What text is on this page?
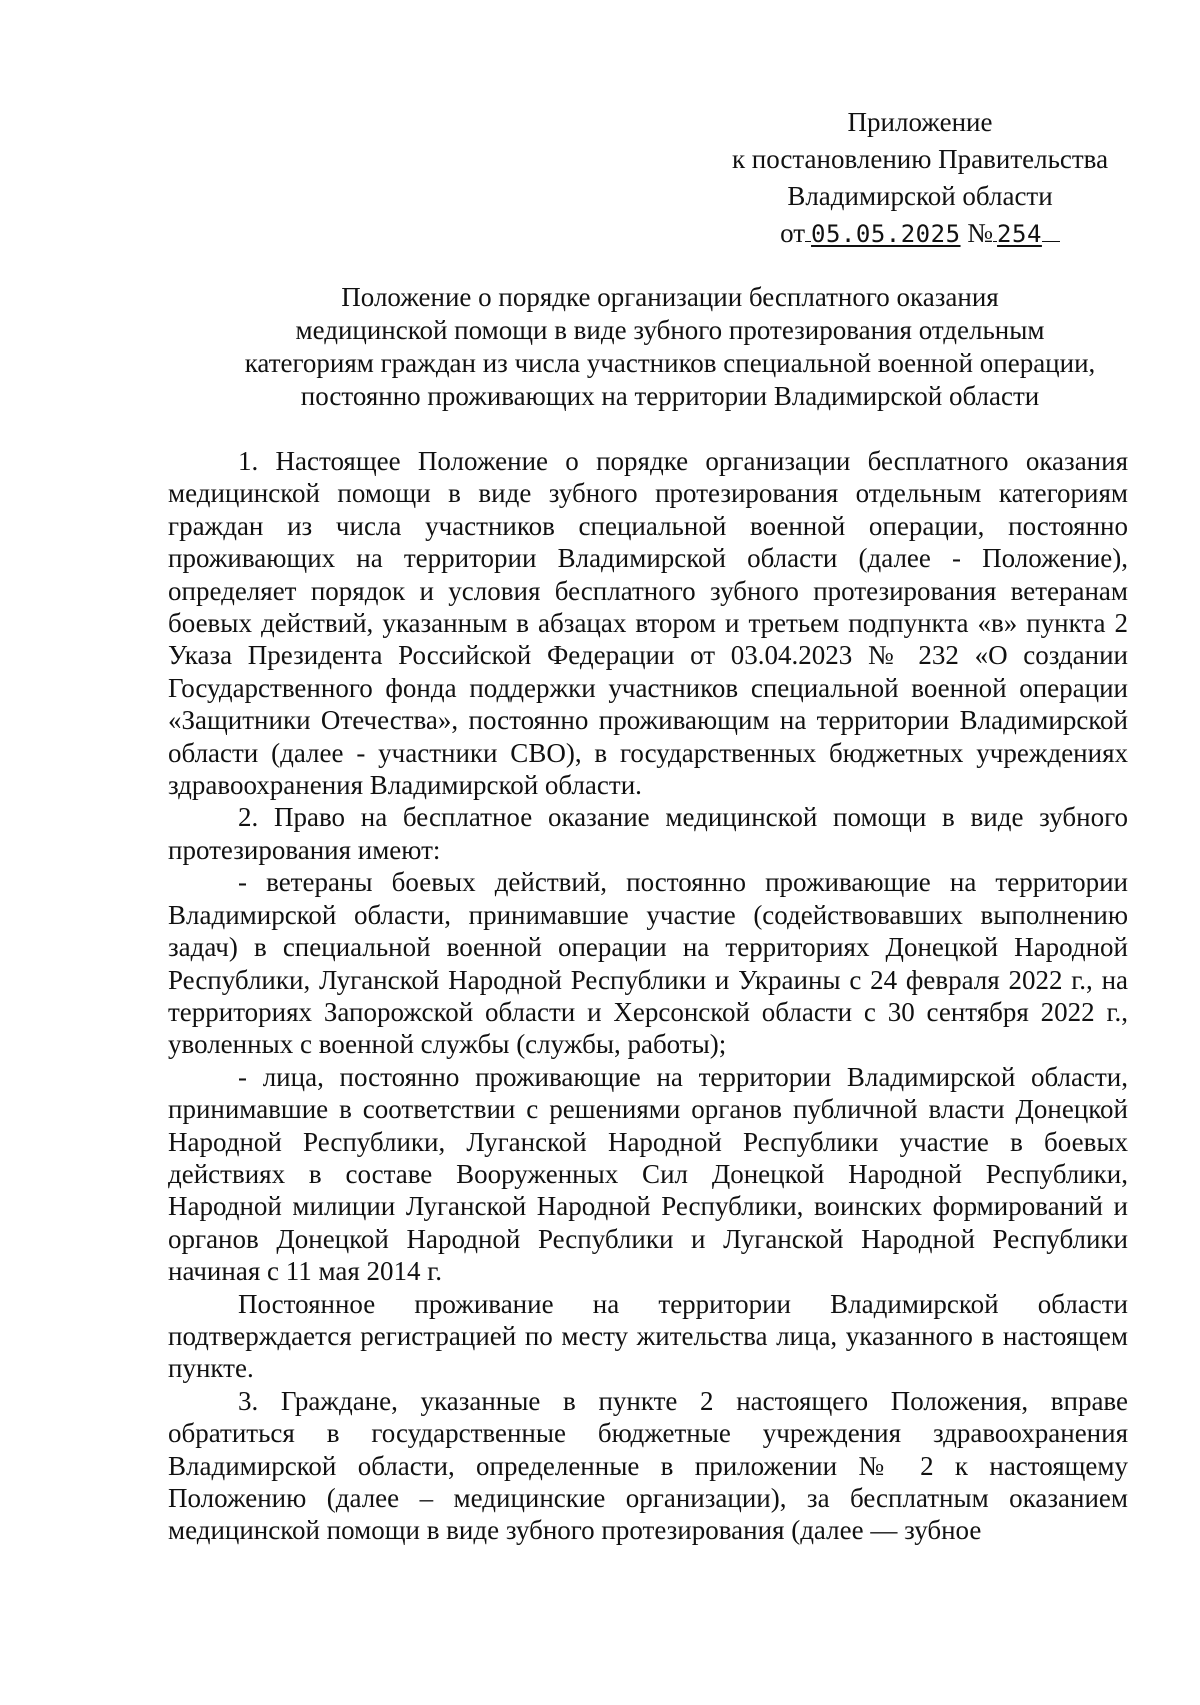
Приложение
к постановлению Правительства
Владимирской области
от 05.05.2025 № 254
Положение о порядке организации бесплатного оказания
медицинской помощи в виде зубного протезирования отдельным
категориям граждан из числа участников специальной военной операции,
постоянно проживающих на территории Владимирской области

1. Настоящее Положение о порядке организации бесплатного оказания медицинской помощи в виде зубного протезирования отдельным категориям граждан из числа участников специальной военной операции, постоянно проживающих на территории Владимирской области (далее - Положение), определяет порядок и условия бесплатного зубного протезирования ветеранам боевых действий, указанным в абзацах втором и третьем подпункта «в» пункта 2 Указа Президента Российской Федерации от 03.04.2023 № 232 «О создании Государственного фонда поддержки участников специальной военной операции «Защитники Отечества», постоянно проживающим на территории Владимирской области (далее - участники СВО), в государственных бюджетных учреждениях здравоохранения Владимирской области.

2. Право на бесплатное оказание медицинской помощи в виде зубного протезирования имеют:

- ветераны боевых действий, постоянно проживающие на территории Владимирской области, принимавшие участие (содействовавших выполнению задач) в специальной военной операции на территориях Донецкой Народной Республики, Луганской Народной Республики и Украины с 24 февраля 2022 г., на территориях Запорожской области и Херсонской области с 30 сентября 2022 г., уволенных с военной службы (службы, работы);

- лица, постоянно проживающие на территории Владимирской области, принимавшие в соответствии с решениями органов публичной власти Донецкой Народной Республики, Луганской Народной Республики участие в боевых действиях в составе Вооруженных Сил Донецкой Народной Республики, Народной милиции Луганской Народной Республики, воинских формирований и органов Донецкой Народной Республики и Луганской Народной Республики начиная с 11 мая 2014 г.

Постоянное проживание на территории Владимирской области подтверждается регистрацией по месту жительства лица, указанного в настоящем пункте.

3. Граждане, указанные в пункте 2 настоящего Положения, вправе обратиться в государственные бюджетные учреждения здравоохранения Владимирской области, определенные в приложении № 2 к настоящему Положению (далее – медицинские организации), за бесплатным оказанием медицинской помощи в виде зубного протезирования (далее — зубное
